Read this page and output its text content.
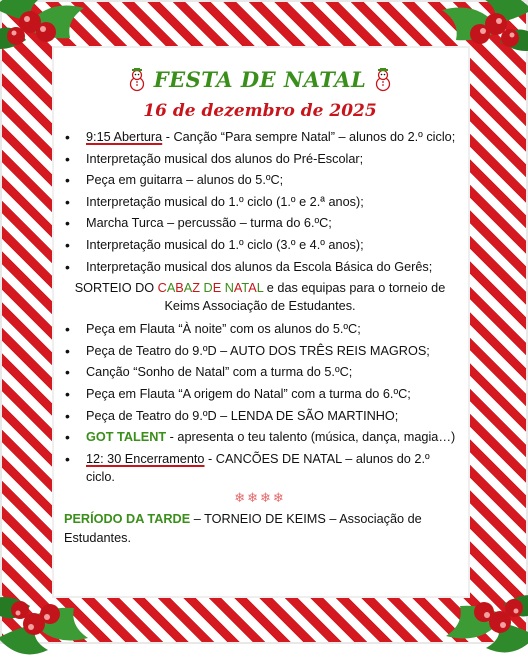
FESTA DE NATAL
16 de dezembro de 2025
• 9:15 Abertura - Canção “Para sempre Natal” – alunos do 2.º ciclo;
• Interpretação musical dos alunos do Pré-Escolar;
• Peça em guitarra – alunos do 5.ºC;
• Interpretação musical do 1.º ciclo (1.º e 2.ª anos);
• Marcha Turca – percussão – turma do 6.ºC;
• Interpretação musical do 1.º ciclo (3.º e 4.º anos);
• Interpretação musical dos alunos da Escola Básica do Gerês;
SORTEIO DO CABAZ DE NATAL e das equipas para o torneio de Keims Associação de Estudantes.
• Peça em Flauta “À noite” com os alunos do 5.ºC;
• Peça de Teatro do 9.ºD – AUTO DOS TRÊS REIS MAGROS;
• Canção “Sonho de Natal” com a turma do 5.ºC;
• Peça em Flauta “A origem do Natal” com a turma do 6.ºC;
• Peça de Teatro do 9.ºD – LENDA DE SÃO MARTINHO;
• GOT TALENT - apresenta o teu talento (música, dança, magia…)
• 12: 30 Encerramento - CANCÕES DE NATAL – alunos do 2.º ciclo.
❄❄❄❄
PERÍODO DA TARDE – TORNEIO DE KEIMS – Associação de Estudantes.
